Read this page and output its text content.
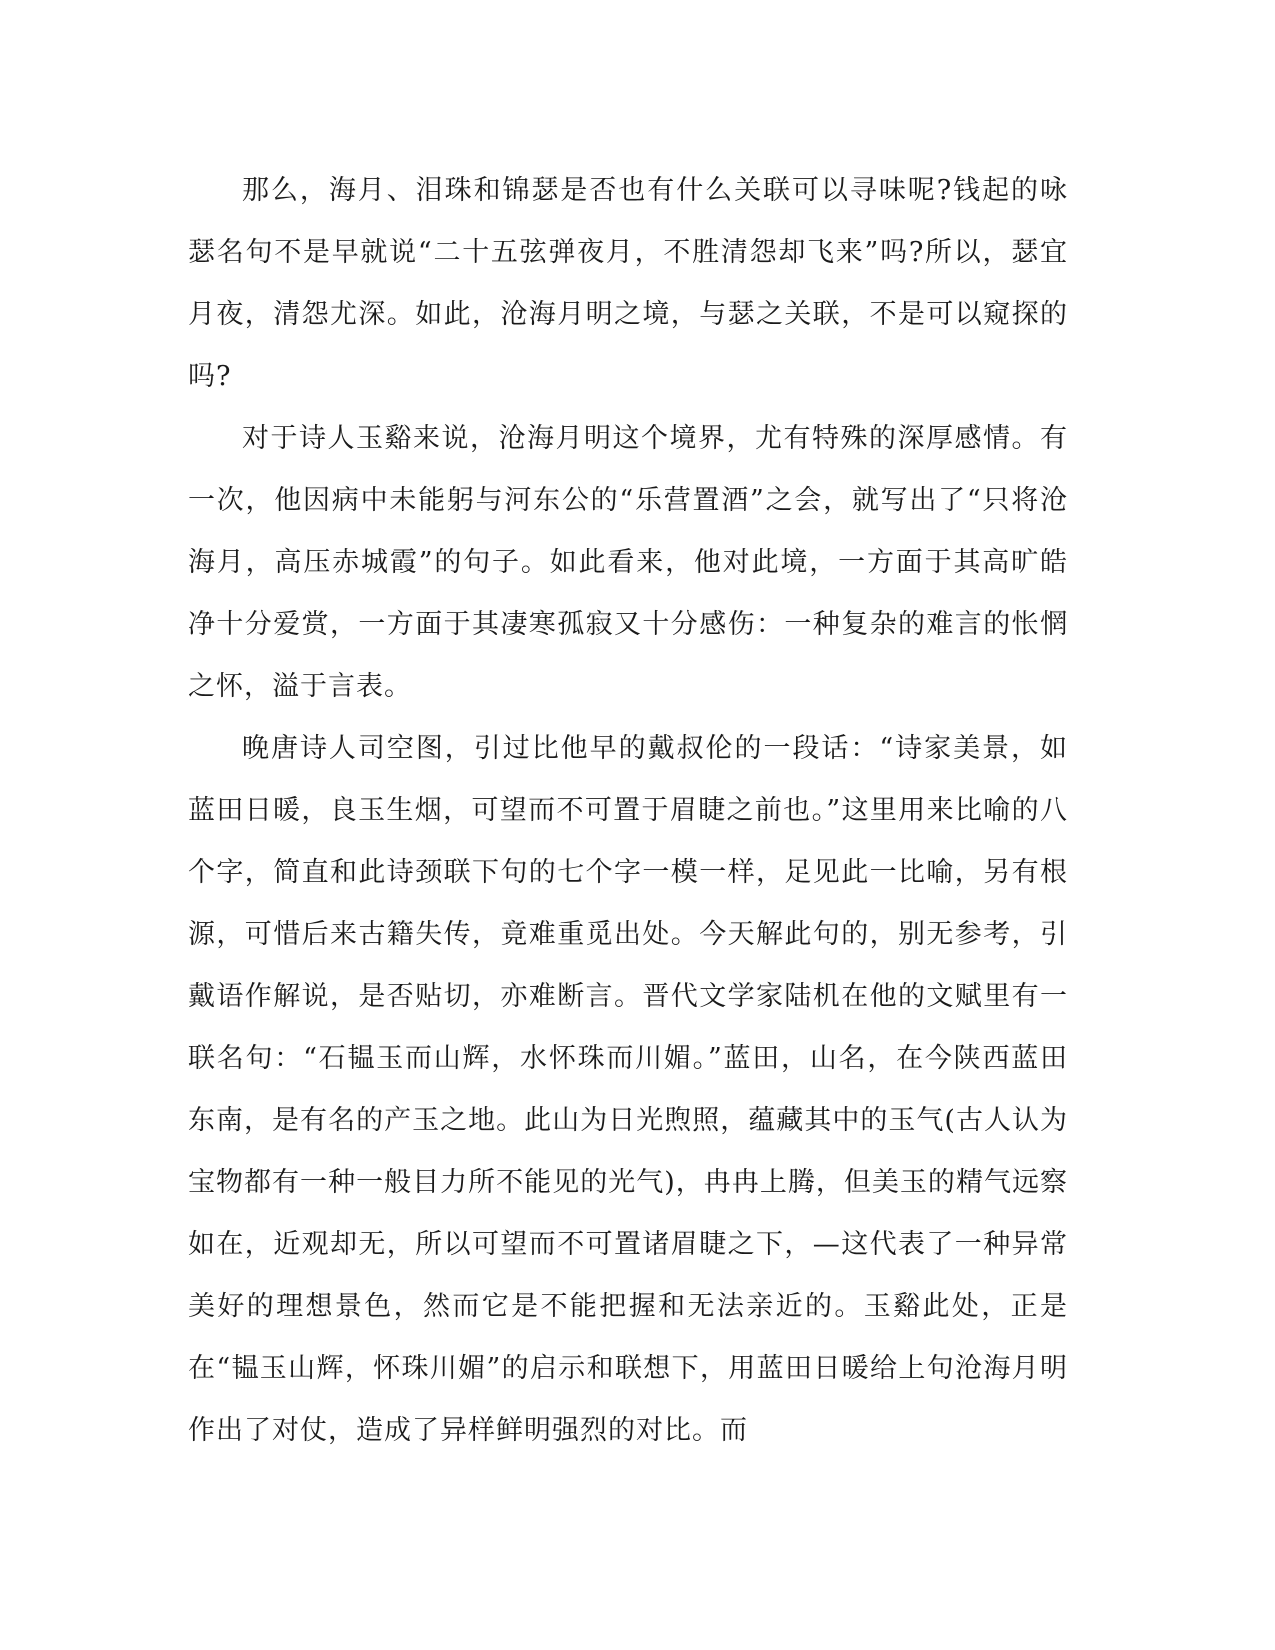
那么，海月、泪珠和锦瑟是否也有什么关联可以寻味呢?钱起的咏瑟名句不是早就说“二十五弦弹夜月，不胜清怨却飞来”吗?所以，瑟宜月夜，清怨尤深。如此，沧海月明之境，与瑟之关联，不是可以窥探的吗?

对于诗人玉谿来说，沧海月明这个境界，尤有特殊的深厚感情。有一次，他因病中未能躬与河东公的“乐营置酒”之会，就写出了“只将沧海月，高压赤城霞”的句子。如此看来，他对此境，一方面于其高旷皓净十分爱赏，一方面于其凄寒孤寂又十分感伤：一种复杂的难言的怅惘之怀，溢于言表。

晚唐诗人司空图，引过比他早的戴叔伦的一段话：“诗家美景，如蓝田日暖，良玉生烟，可望而不可置于眉睫之前也。”这里用来比喻的八个字，简直和此诗颈联下句的七个字一模一样，足见此一比喻，另有根源，可惜后来古籍失传，竟难重觅出处。今天解此句的，别无参考，引戴语作解说，是否贴切，亦难断言。晋代文学家陆机在他的文赋里有一联名句：“石韫玉而山辉，水怀珠而川媚。”蓝田，山名，在今陕西蓝田东南，是有名的产玉之地。此山为日光煦照，蕴藏其中的玉气(古人认为宝物都有一种一般目力所不能见的光气)，冉冉上腾，但美玉的精气远察如在，近观却无，所以可望而不可置诸眉睫之下，—这代表了一种异常美好的理想景色，然而它是不能把握和无法亲近的。玉谿此处，正是在“韫玉山辉，怀珠川媚”的启示和联想下，用蓝田日暖给上句沧海月明作出了对仗，造成了异样鲜明强烈的对比。而
